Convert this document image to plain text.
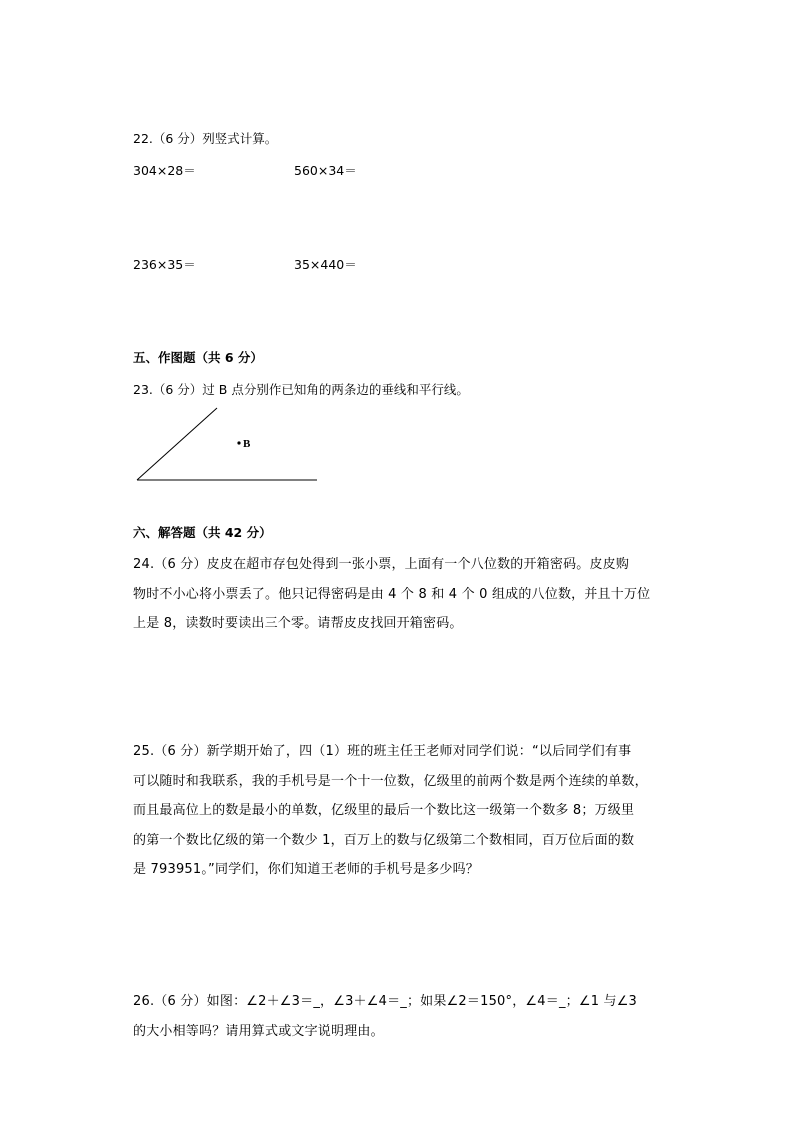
22.（6 分）列竖式计算。
304×28＝	560×34＝
236×35＝	35×440＝
五、作图题（共 6 分）
23.（6 分）过 B 点分别作已知角的两条边的垂线和平行线。
B
六、解答题（共 42 分）
24.（6 分）皮皮在超市存包处得到一张小票，上面有一个八位数的开箱密码。皮皮购
物时不小心将小票丢了。他只记得密码是由 4 个 8 和 4 个 0 组成的八位数，并且十万位
上是 8，读数时要读出三个零。请帮皮皮找回开箱密码。
25.（6 分）新学期开始了，四（1）班的班主任王老师对同学们说：“以后同学们有事
可以随时和我联系，我的手机号是一个十一位数，亿级里的前两个数是两个连续的单数，
而且最高位上的数是最小的单数，亿级里的最后一个数比这一级第一个数多 8；万级里
的第一个数比亿级的第一个数少 1，百万上的数与亿级第二个数相同，百万位后面的数
是 793951。”同学们，你们知道王老师的手机号是多少吗？
26.（6 分）如图：∠2＋∠3＝_，∠3＋∠4＝_；如果∠2＝150°，∠4＝_；∠1 与∠3
的大小相等吗？请用算式或文字说明理由。
